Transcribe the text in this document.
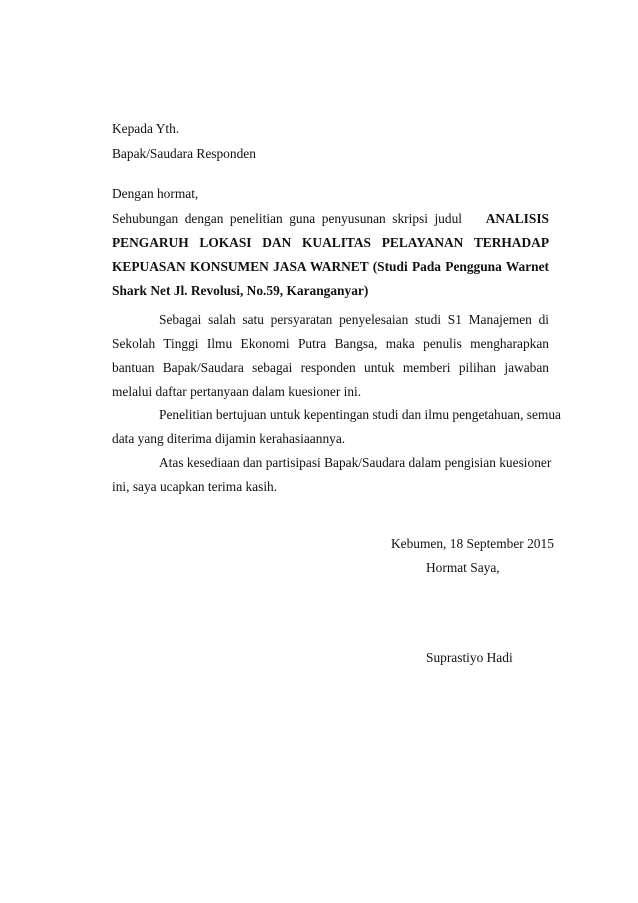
Kepada Yth.
Bapak/Saudara Responden
Dengan hormat,
Sehubungan dengan penelitian guna penyusunan skripsi judul ANALISIS
PENGARUH LOKASI DAN KUALITAS PELAYANAN TERHADAP
KEPUASAN KONSUMEN JASA WARNET (Studi Pada Pengguna Warnet
Shark Net Jl. Revolusi, No.59, Karanganyar)
Sebagai salah satu persyaratan penyelesaian studi S1 Manajemen di
Sekolah Tinggi Ilmu Ekonomi Putra Bangsa, maka penulis mengharapkan
bantuan Bapak/Saudara sebagai responden untuk memberi pilihan jawaban
melalui daftar pertanyaan dalam kuesioner ini.
Penelitian bertujuan untuk kepentingan studi dan ilmu pengetahuan, semua
data yang diterima dijamin kerahasiaannya.
Atas kesediaan dan partisipasi Bapak/Saudara dalam pengisian kuesioner
ini, saya ucapkan terima kasih.
Kebumen, 18 September 2015
Hormat Saya,
Suprastiyo Hadi
